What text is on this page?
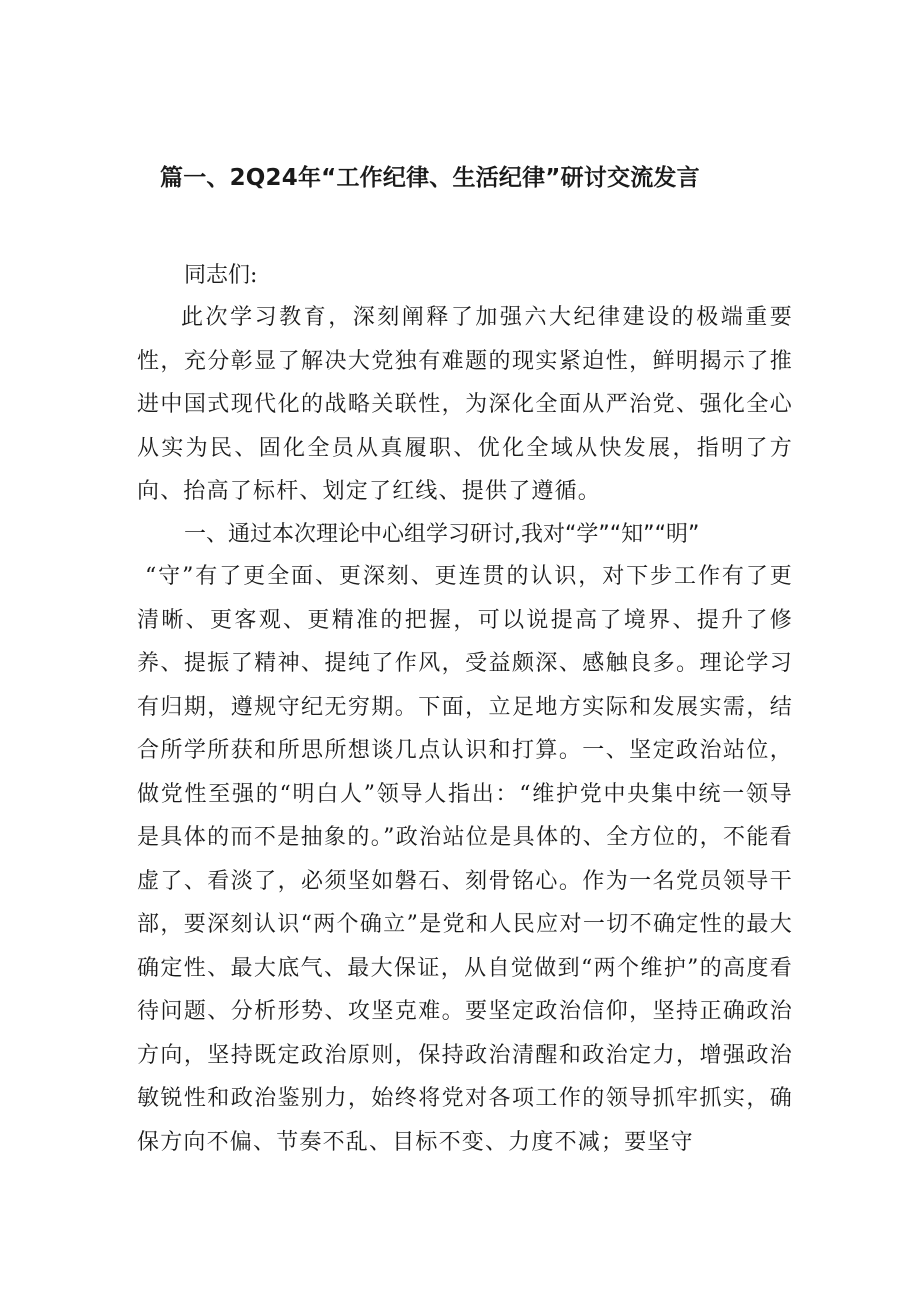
篇一、2Q24年“工作纪律、生活纪律”研讨交流发言
同志们:

此次学习教育，深刻阐释了加强六大纪律建设的极端重要性，充分彰显了解决大党独有难题的现实紧迫性，鲜明揭示了推进中国式现代化的战略关联性，为深化全面从严治党、强化全心从实为民、固化全员从真履职、优化全域从快发展，指明了方向、抬高了标杆、划定了红线、提供了遵循。

一、通过本次理论中心组学习研讨,我对“学”“知”“明”

“守”有了更全面、更深刻、更连贯的认识，对下步工作有了更清晰、更客观、更精准的把握，可以说提高了境界、提升了修养、提振了精神、提纯了作风，受益颇深、感触良多。理论学习有归期，遵规守纪无穷期。下面，立足地方实际和发展实需，结合所学所获和所思所想谈几点认识和打算。一、坚定政治站位，做党性至强的“明白人”领导人指出：“维护党中央集中统一领导是具体的而不是抽象的。”政治站位是具体的、全方位的，不能看虚了、看淡了，必须坚如磐石、刻骨铭心。作为一名党员领导干部，要深刻认识“两个确立”是党和人民应对一切不确定性的最大确定性、最大底气、最大保证，从自觉做到“两个维护”的高度看待问题、分析形势、攻坚克难。要坚定政治信仰，坚持正确政治方向，坚持既定政治原则，保持政治清醒和政治定力，增强政治敏锐性和政治鉴别力，始终将党对各项工作的领导抓牢抓实，确保方向不偏、节奏不乱、目标不变、力度不减；要坚守
